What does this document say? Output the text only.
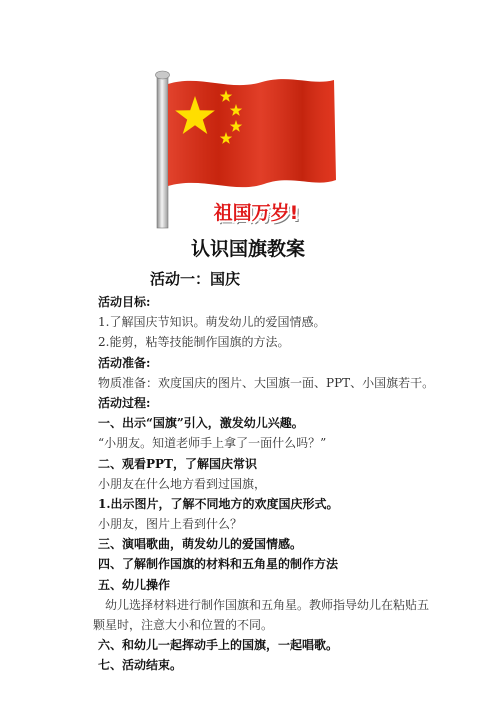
祖国万岁!
认识国旗教案
活动一：国庆
活动目标:
1.了解国庆节知识。萌发幼儿的爱国情感。
2.能剪，粘等技能制作国旗的方法。
活动准备:
物质准备：欢度国庆的图片、大国旗一面、PPT、小国旗若干。
活动过程:
一、出示“国旗”引入，激发幼儿兴趣。
“小朋友。知道老师手上拿了一面什么吗？”
二、观看PPT，了解国庆常识
小朋友在什么地方看到过国旗，
1.出示图片，了解不同地方的欢度国庆形式。
小朋友，图片上看到什么？
三、演唱歌曲，萌发幼儿的爱国情感。
四、了解制作国旗的材料和五角星的制作方法
五、幼儿操作
幼儿选择材料进行制作国旗和五角星。教师指导幼儿在粘贴五颗星时，注意大小和位置的不同。
六、和幼儿一起挥动手上的国旗，一起唱歌。
七、活动结束。
